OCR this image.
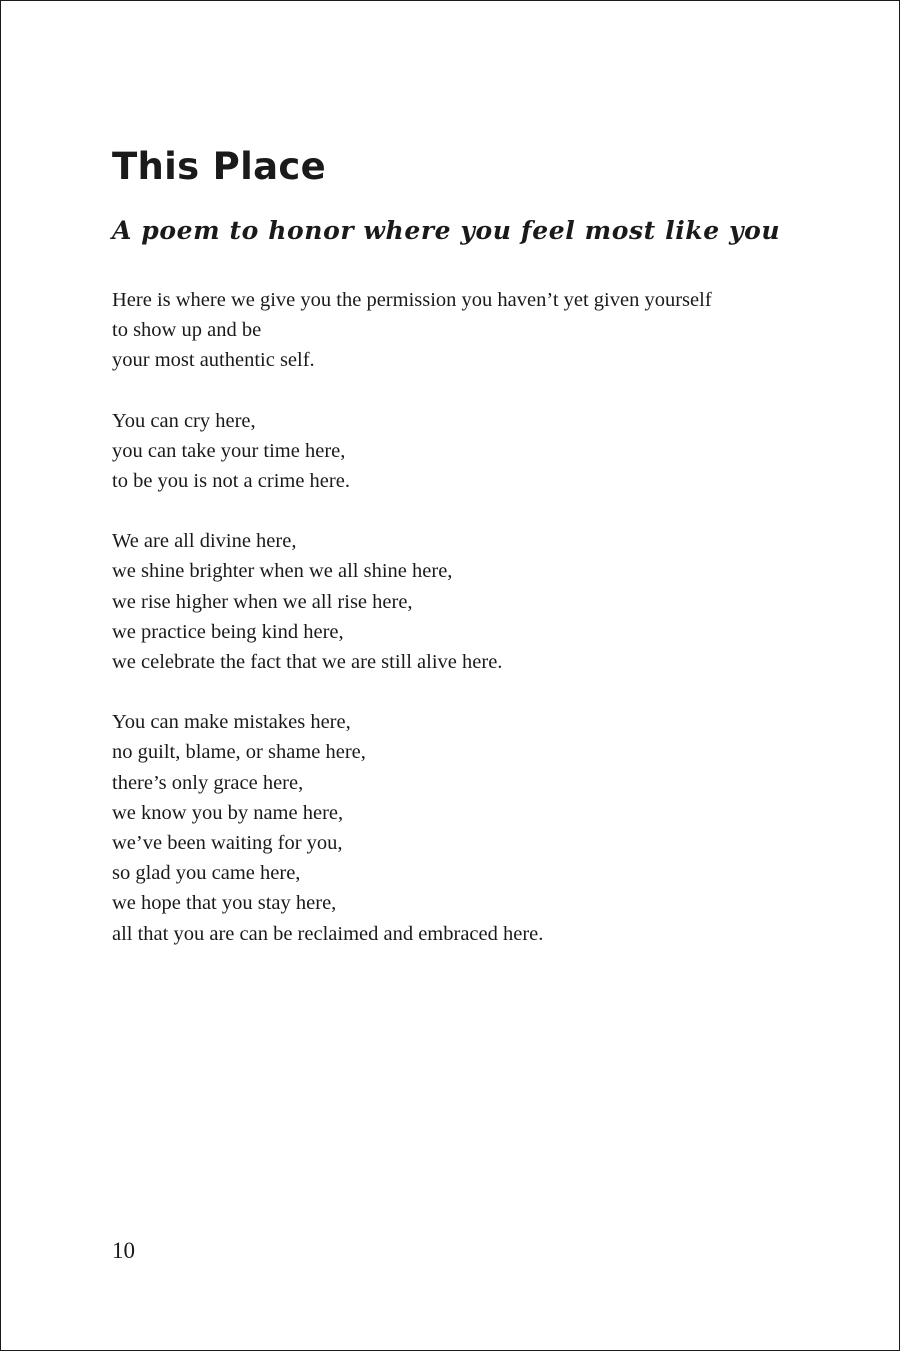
This Place
A poem to honor where you feel most like you

Here is where we give you the permission you haven’t yet given yourself
to show up and be
your most authentic self.

You can cry here,
you can take your time here,
to be you is not a crime here.

We are all divine here,
we shine brighter when we all shine here,
we rise higher when we all rise here,
we practice being kind here,
we celebrate the fact that we are still alive here.

You can make mistakes here,
no guilt, blame, or shame here,
there’s only grace here,
we know you by name here,
we’ve been waiting for you,
so glad you came here,
we hope that you stay here,
all that you are can be reclaimed and embraced here.

10
